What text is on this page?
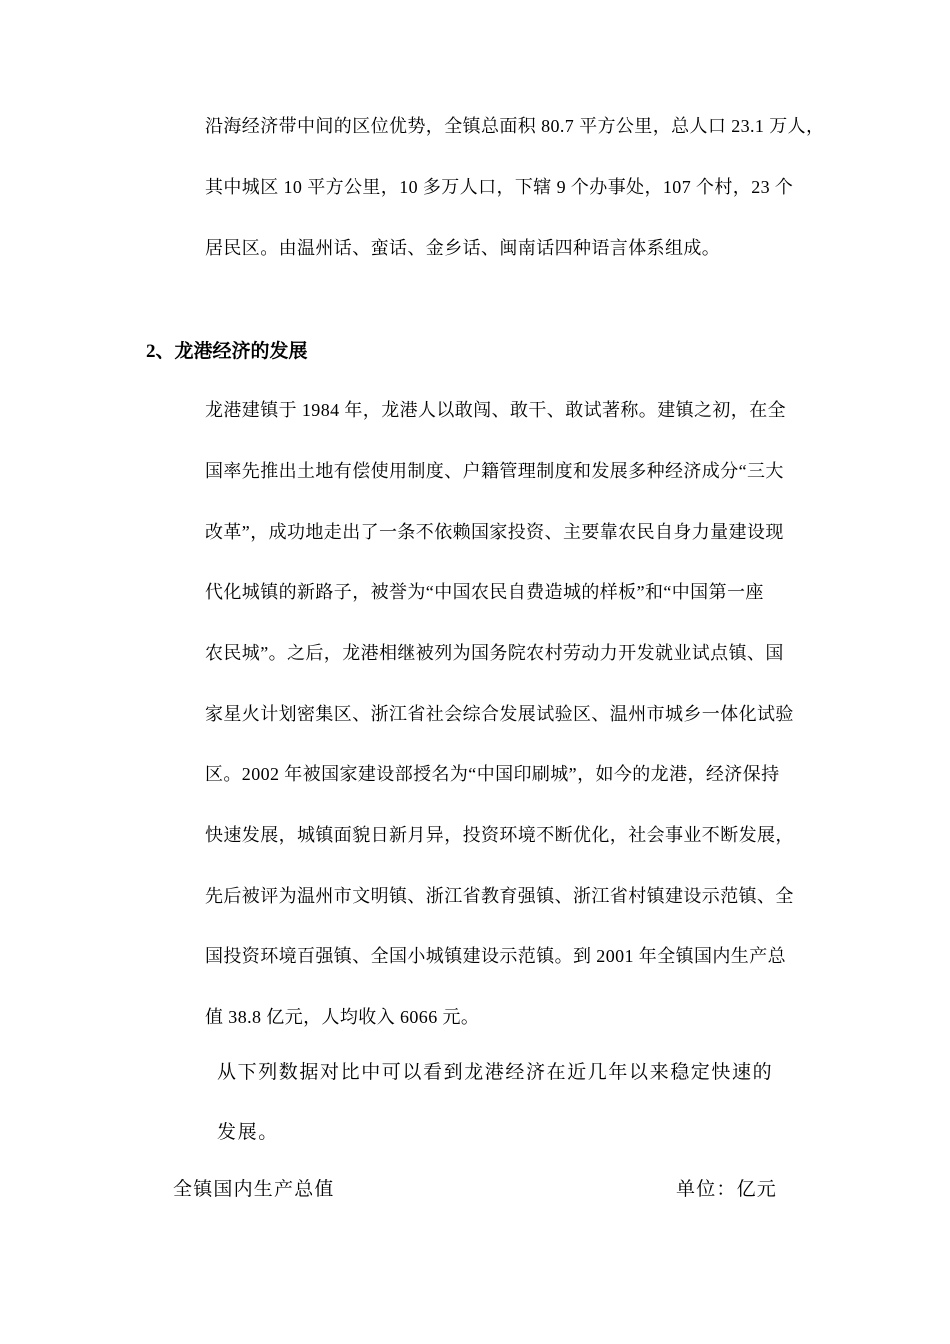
沿海经济带中间的区位优势，全镇总面积 80.7 平方公里，总人口 23.1 万人，
其中城区 10 平方公里，10 多万人口，下辖 9 个办事处，107 个村，23 个
居民区。由温州话、蛮话、金乡话、闽南话四种语言体系组成。
2、龙港经济的发展
龙港建镇于 1984 年，龙港人以敢闯、敢干、敢试著称。建镇之初，在全
国率先推出土地有偿使用制度、户籍管理制度和发展多种经济成分“三大
改革”，成功地走出了一条不依赖国家投资、主要靠农民自身力量建设现
代化城镇的新路子，被誉为“中国农民自费造城的样板”和“中国第一座
农民城”。之后，龙港相继被列为国务院农村劳动力开发就业试点镇、国
家星火计划密集区、浙江省社会综合发展试验区、温州市城乡一体化试验
区。2002 年被国家建设部授名为“中国印刷城”，如今的龙港，经济保持
快速发展，城镇面貌日新月异，投资环境不断优化，社会事业不断发展，
先后被评为温州市文明镇、浙江省教育强镇、浙江省村镇建设示范镇、全
国投资环境百强镇、全国小城镇建设示范镇。到 2001 年全镇国内生产总
值 38.8 亿元，人均收入 6066 元。
从下列数据对比中可以看到龙港经济在近几年以来稳定快速的
发展。
全镇国内生产总值	单位：亿元
